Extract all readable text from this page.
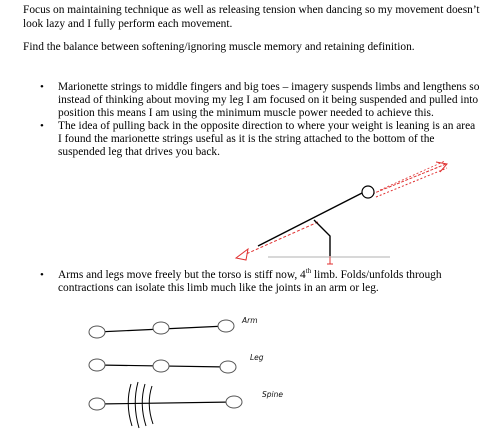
Focus on maintaining technique as well as releasing tension when dancing so my movement doesn’t
look lazy and I fully perform each movement.
Find the balance between softening/ignoring muscle memory and retaining definition.
• Marionette strings to middle fingers and big toes – imagery suspends limbs and lengthens so
instead of thinking about moving my leg I am focused on it being suspended and pulled into
position this means I am using the minimum muscle power needed to achieve this.
• The idea of pulling back in the opposite direction to where your weight is leaning is an area
I found the marionette strings useful as it is the string attached to the bottom of the
suspended leg that drives you back.
• Arms and legs move freely but the torso is stiff now, 4th limb. Folds/unfolds through
contractions can isolate this limb much like the joints in an arm or leg.
Arm
Leg
Spine
